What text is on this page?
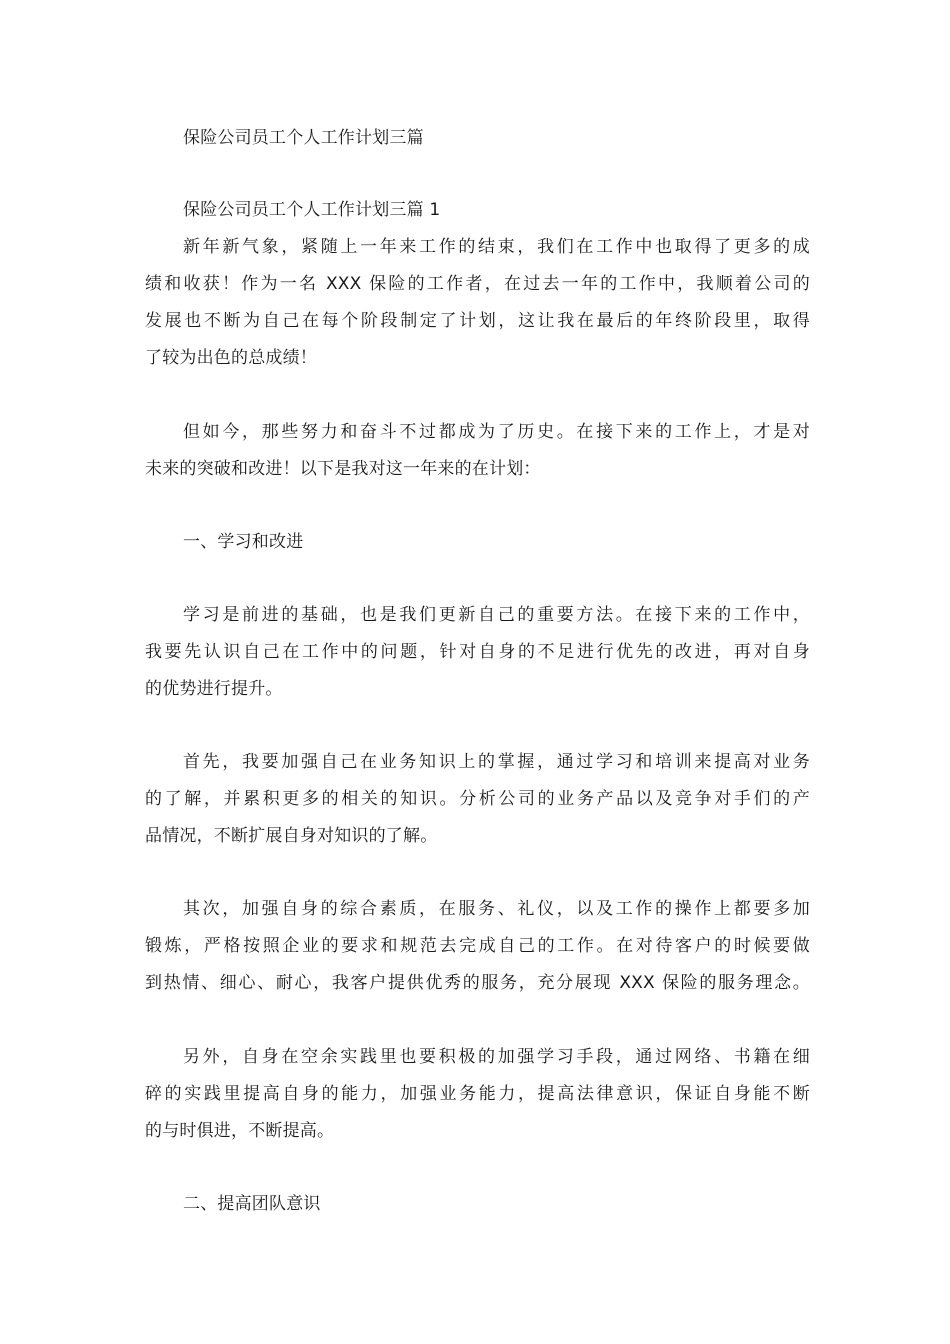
保险公司员工个人工作计划三篇
保险公司员工个人工作计划三篇 1
新年新气象，紧随上一年来工作的结束，我们在工作中也取得了更多的成
绩和收获！作为一名 XXX 保险的工作者，在过去一年的工作中，我顺着公司的
发展也不断为自己在每个阶段制定了计划，这让我在最后的年终阶段里，取得
了较为出色的总成绩！
但如今，那些努力和奋斗不过都成为了历史。在接下来的工作上，才是对
未来的突破和改进！以下是我对这一年来的在计划：
一、学习和改进
学习是前进的基础，也是我们更新自己的重要方法。在接下来的工作中，
我要先认识自己在工作中的问题，针对自身的不足进行优先的改进，再对自身
的优势进行提升。
首先，我要加强自己在业务知识上的掌握，通过学习和培训来提高对业务
的了解，并累积更多的相关的知识。分析公司的业务产品以及竞争对手们的产
品情况，不断扩展自身对知识的了解。
其次，加强自身的综合素质，在服务、礼仪，以及工作的操作上都要多加
锻炼，严格按照企业的要求和规范去完成自己的工作。在对待客户的时候要做
到热情、细心、耐心，我客户提供优秀的服务，充分展现 XXX 保险的服务理念。
另外，自身在空余实践里也要积极的加强学习手段，通过网络、书籍在细
碎的实践里提高自身的能力，加强业务能力，提高法律意识，保证自身能不断
的与时俱进，不断提高。
二、提高团队意识
